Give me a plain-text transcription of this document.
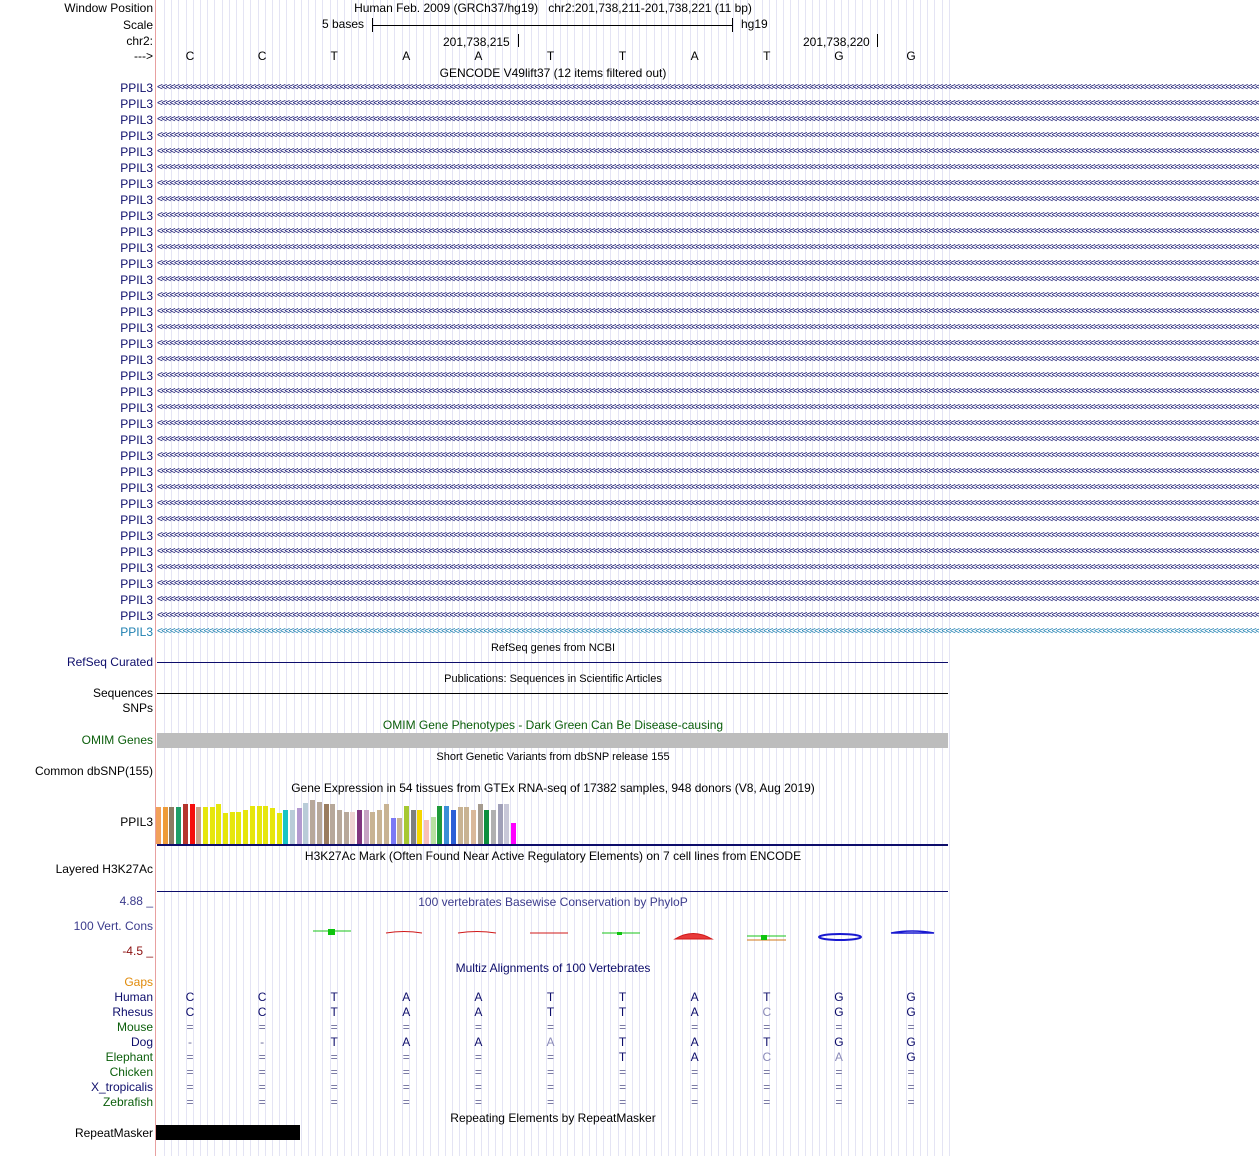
Window Position	Human Feb. 2009 (GRCh37/hg19) chr2:201,738,211-201,738,221 (11 bp)
Scale	5 bases	hg19
chr2:	201,738,215	201,738,220
--->	C	C	T	A	A	T	T	A	T	G	G
GENCODE V49lift37 (12 items filtered out)
PPIL3 <<<<<<<<<<<<<<<<<<<<<<<<<<<<<<<<<<<<<<<<<<<<<<<<<<<<<<<<<<<<<<<<<<<<<<<<<<<<<<<<<<<<<<<<<<<<<<<<<<<<<<<<<<<<<<<<<<<<<<<<<<<<<<<<<<<<<<<<<<<<<<<<<<<<<<<<<<<<<<<<<<<<<<<<<<<<<<<<<<<<<<<<<<<<<<<<<<<<<<<<<<<<<<<<<<<<<<<<<<<<<<<<<<<<<<<<<<<<<<<<<<<<<<<<<<<<<<<<<<<<
PPIL3 <<<<<<<<<<<<<<<<<<<<<<<<<<<<<<<<<<<<<<<<<<<<<<<<<<<<<<<<<<<<<<<<<<<<<<<<<<<<<<<<<<<<<<<<<<<<<<<<<<<<<<<<<<<<<<<<<<<<<<<<<<<<<<<<<<<<<<<<<<<<<<<<<<<<<<<<<<<<<<<<<<<<<<<<<<<<<<<<<<<<<<<<<<<<<<<<<<<<<<<<<<<<<<<<<<<<<<<<<<<<<<<<<<<<<<<<<<<<<<<<<<<<<<<<<<<<<<<<<<<<
PPIL3 <<<<<<<<<<<<<<<<<<<<<<<<<<<<<<<<<<<<<<<<<<<<<<<<<<<<<<<<<<<<<<<<<<<<<<<<<<<<<<<<<<<<<<<<<<<<<<<<<<<<<<<<<<<<<<<<<<<<<<<<<<<<<<<<<<<<<<<<<<<<<<<<<<<<<<<<<<<<<<<<<<<<<<<<<<<<<<<<<<<<<<<<<<<<<<<<<<<<<<<<<<<<<<<<<<<<<<<<<<<<<<<<<<<<<<<<<<<<<<<<<<<<<<<<<<<<<<<<<<<<
PPIL3 <<<<<<<<<<<<<<<<<<<<<<<<<<<<<<<<<<<<<<<<<<<<<<<<<<<<<<<<<<<<<<<<<<<<<<<<<<<<<<<<<<<<<<<<<<<<<<<<<<<<<<<<<<<<<<<<<<<<<<<<<<<<<<<<<<<<<<<<<<<<<<<<<<<<<<<<<<<<<<<<<<<<<<<<<<<<<<<<<<<<<<<<<<<<<<<<<<<<<<<<<<<<<<<<<<<<<<<<<<<<<<<<<<<<<<<<<<<<<<<<<<<<<<<<<<<<<<<<<<<<
PPIL3 <<<<<<<<<<<<<<<<<<<<<<<<<<<<<<<<<<<<<<<<<<<<<<<<<<<<<<<<<<<<<<<<<<<<<<<<<<<<<<<<<<<<<<<<<<<<<<<<<<<<<<<<<<<<<<<<<<<<<<<<<<<<<<<<<<<<<<<<<<<<<<<<<<<<<<<<<<<<<<<<<<<<<<<<<<<<<<<<<<<<<<<<<<<<<<<<<<<<<<<<<<<<<<<<<<<<<<<<<<<<<<<<<<<<<<<<<<<<<<<<<<<<<<<<<<<<<<<<<<<<
PPIL3 <<<<<<<<<<<<<<<<<<<<<<<<<<<<<<<<<<<<<<<<<<<<<<<<<<<<<<<<<<<<<<<<<<<<<<<<<<<<<<<<<<<<<<<<<<<<<<<<<<<<<<<<<<<<<<<<<<<<<<<<<<<<<<<<<<<<<<<<<<<<<<<<<<<<<<<<<<<<<<<<<<<<<<<<<<<<<<<<<<<<<<<<<<<<<<<<<<<<<<<<<<<<<<<<<<<<<<<<<<<<<<<<<<<<<<<<<<<<<<<<<<<<<<<<<<<<<<<<<<<<
PPIL3 <<<<<<<<<<<<<<<<<<<<<<<<<<<<<<<<<<<<<<<<<<<<<<<<<<<<<<<<<<<<<<<<<<<<<<<<<<<<<<<<<<<<<<<<<<<<<<<<<<<<<<<<<<<<<<<<<<<<<<<<<<<<<<<<<<<<<<<<<<<<<<<<<<<<<<<<<<<<<<<<<<<<<<<<<<<<<<<<<<<<<<<<<<<<<<<<<<<<<<<<<<<<<<<<<<<<<<<<<<<<<<<<<<<<<<<<<<<<<<<<<<<<<<<<<<<<<<<<<<<<
PPIL3 <<<<<<<<<<<<<<<<<<<<<<<<<<<<<<<<<<<<<<<<<<<<<<<<<<<<<<<<<<<<<<<<<<<<<<<<<<<<<<<<<<<<<<<<<<<<<<<<<<<<<<<<<<<<<<<<<<<<<<<<<<<<<<<<<<<<<<<<<<<<<<<<<<<<<<<<<<<<<<<<<<<<<<<<<<<<<<<<<<<<<<<<<<<<<<<<<<<<<<<<<<<<<<<<<<<<<<<<<<<<<<<<<<<<<<<<<<<<<<<<<<<<<<<<<<<<<<<<<<<<
PPIL3 <<<<<<<<<<<<<<<<<<<<<<<<<<<<<<<<<<<<<<<<<<<<<<<<<<<<<<<<<<<<<<<<<<<<<<<<<<<<<<<<<<<<<<<<<<<<<<<<<<<<<<<<<<<<<<<<<<<<<<<<<<<<<<<<<<<<<<<<<<<<<<<<<<<<<<<<<<<<<<<<<<<<<<<<<<<<<<<<<<<<<<<<<<<<<<<<<<<<<<<<<<<<<<<<<<<<<<<<<<<<<<<<<<<<<<<<<<<<<<<<<<<<<<<<<<<<<<<<<<<<
PPIL3 <<<<<<<<<<<<<<<<<<<<<<<<<<<<<<<<<<<<<<<<<<<<<<<<<<<<<<<<<<<<<<<<<<<<<<<<<<<<<<<<<<<<<<<<<<<<<<<<<<<<<<<<<<<<<<<<<<<<<<<<<<<<<<<<<<<<<<<<<<<<<<<<<<<<<<<<<<<<<<<<<<<<<<<<<<<<<<<<<<<<<<<<<<<<<<<<<<<<<<<<<<<<<<<<<<<<<<<<<<<<<<<<<<<<<<<<<<<<<<<<<<<<<<<<<<<<<<<<<<<<
PPIL3 <<<<<<<<<<<<<<<<<<<<<<<<<<<<<<<<<<<<<<<<<<<<<<<<<<<<<<<<<<<<<<<<<<<<<<<<<<<<<<<<<<<<<<<<<<<<<<<<<<<<<<<<<<<<<<<<<<<<<<<<<<<<<<<<<<<<<<<<<<<<<<<<<<<<<<<<<<<<<<<<<<<<<<<<<<<<<<<<<<<<<<<<<<<<<<<<<<<<<<<<<<<<<<<<<<<<<<<<<<<<<<<<<<<<<<<<<<<<<<<<<<<<<<<<<<<<<<<<<<<<
PPIL3 <<<<<<<<<<<<<<<<<<<<<<<<<<<<<<<<<<<<<<<<<<<<<<<<<<<<<<<<<<<<<<<<<<<<<<<<<<<<<<<<<<<<<<<<<<<<<<<<<<<<<<<<<<<<<<<<<<<<<<<<<<<<<<<<<<<<<<<<<<<<<<<<<<<<<<<<<<<<<<<<<<<<<<<<<<<<<<<<<<<<<<<<<<<<<<<<<<<<<<<<<<<<<<<<<<<<<<<<<<<<<<<<<<<<<<<<<<<<<<<<<<<<<<<<<<<<<<<<<<<<
PPIL3 <<<<<<<<<<<<<<<<<<<<<<<<<<<<<<<<<<<<<<<<<<<<<<<<<<<<<<<<<<<<<<<<<<<<<<<<<<<<<<<<<<<<<<<<<<<<<<<<<<<<<<<<<<<<<<<<<<<<<<<<<<<<<<<<<<<<<<<<<<<<<<<<<<<<<<<<<<<<<<<<<<<<<<<<<<<<<<<<<<<<<<<<<<<<<<<<<<<<<<<<<<<<<<<<<<<<<<<<<<<<<<<<<<<<<<<<<<<<<<<<<<<<<<<<<<<<<<<<<<<<
PPIL3 <<<<<<<<<<<<<<<<<<<<<<<<<<<<<<<<<<<<<<<<<<<<<<<<<<<<<<<<<<<<<<<<<<<<<<<<<<<<<<<<<<<<<<<<<<<<<<<<<<<<<<<<<<<<<<<<<<<<<<<<<<<<<<<<<<<<<<<<<<<<<<<<<<<<<<<<<<<<<<<<<<<<<<<<<<<<<<<<<<<<<<<<<<<<<<<<<<<<<<<<<<<<<<<<<<<<<<<<<<<<<<<<<<<<<<<<<<<<<<<<<<<<<<<<<<<<<<<<<<<<
PPIL3 <<<<<<<<<<<<<<<<<<<<<<<<<<<<<<<<<<<<<<<<<<<<<<<<<<<<<<<<<<<<<<<<<<<<<<<<<<<<<<<<<<<<<<<<<<<<<<<<<<<<<<<<<<<<<<<<<<<<<<<<<<<<<<<<<<<<<<<<<<<<<<<<<<<<<<<<<<<<<<<<<<<<<<<<<<<<<<<<<<<<<<<<<<<<<<<<<<<<<<<<<<<<<<<<<<<<<<<<<<<<<<<<<<<<<<<<<<<<<<<<<<<<<<<<<<<<<<<<<<<<
PPIL3 <<<<<<<<<<<<<<<<<<<<<<<<<<<<<<<<<<<<<<<<<<<<<<<<<<<<<<<<<<<<<<<<<<<<<<<<<<<<<<<<<<<<<<<<<<<<<<<<<<<<<<<<<<<<<<<<<<<<<<<<<<<<<<<<<<<<<<<<<<<<<<<<<<<<<<<<<<<<<<<<<<<<<<<<<<<<<<<<<<<<<<<<<<<<<<<<<<<<<<<<<<<<<<<<<<<<<<<<<<<<<<<<<<<<<<<<<<<<<<<<<<<<<<<<<<<<<<<<<<<<
PPIL3 <<<<<<<<<<<<<<<<<<<<<<<<<<<<<<<<<<<<<<<<<<<<<<<<<<<<<<<<<<<<<<<<<<<<<<<<<<<<<<<<<<<<<<<<<<<<<<<<<<<<<<<<<<<<<<<<<<<<<<<<<<<<<<<<<<<<<<<<<<<<<<<<<<<<<<<<<<<<<<<<<<<<<<<<<<<<<<<<<<<<<<<<<<<<<<<<<<<<<<<<<<<<<<<<<<<<<<<<<<<<<<<<<<<<<<<<<<<<<<<<<<<<<<<<<<<<<<<<<<<<
PPIL3 <<<<<<<<<<<<<<<<<<<<<<<<<<<<<<<<<<<<<<<<<<<<<<<<<<<<<<<<<<<<<<<<<<<<<<<<<<<<<<<<<<<<<<<<<<<<<<<<<<<<<<<<<<<<<<<<<<<<<<<<<<<<<<<<<<<<<<<<<<<<<<<<<<<<<<<<<<<<<<<<<<<<<<<<<<<<<<<<<<<<<<<<<<<<<<<<<<<<<<<<<<<<<<<<<<<<<<<<<<<<<<<<<<<<<<<<<<<<<<<<<<<<<<<<<<<<<<<<<<<<
PPIL3 <<<<<<<<<<<<<<<<<<<<<<<<<<<<<<<<<<<<<<<<<<<<<<<<<<<<<<<<<<<<<<<<<<<<<<<<<<<<<<<<<<<<<<<<<<<<<<<<<<<<<<<<<<<<<<<<<<<<<<<<<<<<<<<<<<<<<<<<<<<<<<<<<<<<<<<<<<<<<<<<<<<<<<<<<<<<<<<<<<<<<<<<<<<<<<<<<<<<<<<<<<<<<<<<<<<<<<<<<<<<<<<<<<<<<<<<<<<<<<<<<<<<<<<<<<<<<<<<<<<<
PPIL3 <<<<<<<<<<<<<<<<<<<<<<<<<<<<<<<<<<<<<<<<<<<<<<<<<<<<<<<<<<<<<<<<<<<<<<<<<<<<<<<<<<<<<<<<<<<<<<<<<<<<<<<<<<<<<<<<<<<<<<<<<<<<<<<<<<<<<<<<<<<<<<<<<<<<<<<<<<<<<<<<<<<<<<<<<<<<<<<<<<<<<<<<<<<<<<<<<<<<<<<<<<<<<<<<<<<<<<<<<<<<<<<<<<<<<<<<<<<<<<<<<<<<<<<<<<<<<<<<<<<<
PPIL3 <<<<<<<<<<<<<<<<<<<<<<<<<<<<<<<<<<<<<<<<<<<<<<<<<<<<<<<<<<<<<<<<<<<<<<<<<<<<<<<<<<<<<<<<<<<<<<<<<<<<<<<<<<<<<<<<<<<<<<<<<<<<<<<<<<<<<<<<<<<<<<<<<<<<<<<<<<<<<<<<<<<<<<<<<<<<<<<<<<<<<<<<<<<<<<<<<<<<<<<<<<<<<<<<<<<<<<<<<<<<<<<<<<<<<<<<<<<<<<<<<<<<<<<<<<<<<<<<<<<<
PPIL3 <<<<<<<<<<<<<<<<<<<<<<<<<<<<<<<<<<<<<<<<<<<<<<<<<<<<<<<<<<<<<<<<<<<<<<<<<<<<<<<<<<<<<<<<<<<<<<<<<<<<<<<<<<<<<<<<<<<<<<<<<<<<<<<<<<<<<<<<<<<<<<<<<<<<<<<<<<<<<<<<<<<<<<<<<<<<<<<<<<<<<<<<<<<<<<<<<<<<<<<<<<<<<<<<<<<<<<<<<<<<<<<<<<<<<<<<<<<<<<<<<<<<<<<<<<<<<<<<<<<<
PPIL3 <<<<<<<<<<<<<<<<<<<<<<<<<<<<<<<<<<<<<<<<<<<<<<<<<<<<<<<<<<<<<<<<<<<<<<<<<<<<<<<<<<<<<<<<<<<<<<<<<<<<<<<<<<<<<<<<<<<<<<<<<<<<<<<<<<<<<<<<<<<<<<<<<<<<<<<<<<<<<<<<<<<<<<<<<<<<<<<<<<<<<<<<<<<<<<<<<<<<<<<<<<<<<<<<<<<<<<<<<<<<<<<<<<<<<<<<<<<<<<<<<<<<<<<<<<<<<<<<<<<<
PPIL3 <<<<<<<<<<<<<<<<<<<<<<<<<<<<<<<<<<<<<<<<<<<<<<<<<<<<<<<<<<<<<<<<<<<<<<<<<<<<<<<<<<<<<<<<<<<<<<<<<<<<<<<<<<<<<<<<<<<<<<<<<<<<<<<<<<<<<<<<<<<<<<<<<<<<<<<<<<<<<<<<<<<<<<<<<<<<<<<<<<<<<<<<<<<<<<<<<<<<<<<<<<<<<<<<<<<<<<<<<<<<<<<<<<<<<<<<<<<<<<<<<<<<<<<<<<<<<<<<<<<<
PPIL3 <<<<<<<<<<<<<<<<<<<<<<<<<<<<<<<<<<<<<<<<<<<<<<<<<<<<<<<<<<<<<<<<<<<<<<<<<<<<<<<<<<<<<<<<<<<<<<<<<<<<<<<<<<<<<<<<<<<<<<<<<<<<<<<<<<<<<<<<<<<<<<<<<<<<<<<<<<<<<<<<<<<<<<<<<<<<<<<<<<<<<<<<<<<<<<<<<<<<<<<<<<<<<<<<<<<<<<<<<<<<<<<<<<<<<<<<<<<<<<<<<<<<<<<<<<<<<<<<<<<<
PPIL3 <<<<<<<<<<<<<<<<<<<<<<<<<<<<<<<<<<<<<<<<<<<<<<<<<<<<<<<<<<<<<<<<<<<<<<<<<<<<<<<<<<<<<<<<<<<<<<<<<<<<<<<<<<<<<<<<<<<<<<<<<<<<<<<<<<<<<<<<<<<<<<<<<<<<<<<<<<<<<<<<<<<<<<<<<<<<<<<<<<<<<<<<<<<<<<<<<<<<<<<<<<<<<<<<<<<<<<<<<<<<<<<<<<<<<<<<<<<<<<<<<<<<<<<<<<<<<<<<<<<<
PPIL3 <<<<<<<<<<<<<<<<<<<<<<<<<<<<<<<<<<<<<<<<<<<<<<<<<<<<<<<<<<<<<<<<<<<<<<<<<<<<<<<<<<<<<<<<<<<<<<<<<<<<<<<<<<<<<<<<<<<<<<<<<<<<<<<<<<<<<<<<<<<<<<<<<<<<<<<<<<<<<<<<<<<<<<<<<<<<<<<<<<<<<<<<<<<<<<<<<<<<<<<<<<<<<<<<<<<<<<<<<<<<<<<<<<<<<<<<<<<<<<<<<<<<<<<<<<<<<<<<<<<<
PPIL3 <<<<<<<<<<<<<<<<<<<<<<<<<<<<<<<<<<<<<<<<<<<<<<<<<<<<<<<<<<<<<<<<<<<<<<<<<<<<<<<<<<<<<<<<<<<<<<<<<<<<<<<<<<<<<<<<<<<<<<<<<<<<<<<<<<<<<<<<<<<<<<<<<<<<<<<<<<<<<<<<<<<<<<<<<<<<<<<<<<<<<<<<<<<<<<<<<<<<<<<<<<<<<<<<<<<<<<<<<<<<<<<<<<<<<<<<<<<<<<<<<<<<<<<<<<<<<<<<<<<<
PPIL3 <<<<<<<<<<<<<<<<<<<<<<<<<<<<<<<<<<<<<<<<<<<<<<<<<<<<<<<<<<<<<<<<<<<<<<<<<<<<<<<<<<<<<<<<<<<<<<<<<<<<<<<<<<<<<<<<<<<<<<<<<<<<<<<<<<<<<<<<<<<<<<<<<<<<<<<<<<<<<<<<<<<<<<<<<<<<<<<<<<<<<<<<<<<<<<<<<<<<<<<<<<<<<<<<<<<<<<<<<<<<<<<<<<<<<<<<<<<<<<<<<<<<<<<<<<<<<<<<<<<<
PPIL3 <<<<<<<<<<<<<<<<<<<<<<<<<<<<<<<<<<<<<<<<<<<<<<<<<<<<<<<<<<<<<<<<<<<<<<<<<<<<<<<<<<<<<<<<<<<<<<<<<<<<<<<<<<<<<<<<<<<<<<<<<<<<<<<<<<<<<<<<<<<<<<<<<<<<<<<<<<<<<<<<<<<<<<<<<<<<<<<<<<<<<<<<<<<<<<<<<<<<<<<<<<<<<<<<<<<<<<<<<<<<<<<<<<<<<<<<<<<<<<<<<<<<<<<<<<<<<<<<<<<<
PPIL3 <<<<<<<<<<<<<<<<<<<<<<<<<<<<<<<<<<<<<<<<<<<<<<<<<<<<<<<<<<<<<<<<<<<<<<<<<<<<<<<<<<<<<<<<<<<<<<<<<<<<<<<<<<<<<<<<<<<<<<<<<<<<<<<<<<<<<<<<<<<<<<<<<<<<<<<<<<<<<<<<<<<<<<<<<<<<<<<<<<<<<<<<<<<<<<<<<<<<<<<<<<<<<<<<<<<<<<<<<<<<<<<<<<<<<<<<<<<<<<<<<<<<<<<<<<<<<<<<<<<<
PPIL3 <<<<<<<<<<<<<<<<<<<<<<<<<<<<<<<<<<<<<<<<<<<<<<<<<<<<<<<<<<<<<<<<<<<<<<<<<<<<<<<<<<<<<<<<<<<<<<<<<<<<<<<<<<<<<<<<<<<<<<<<<<<<<<<<<<<<<<<<<<<<<<<<<<<<<<<<<<<<<<<<<<<<<<<<<<<<<<<<<<<<<<<<<<<<<<<<<<<<<<<<<<<<<<<<<<<<<<<<<<<<<<<<<<<<<<<<<<<<<<<<<<<<<<<<<<<<<<<<<<<<
PPIL3 <<<<<<<<<<<<<<<<<<<<<<<<<<<<<<<<<<<<<<<<<<<<<<<<<<<<<<<<<<<<<<<<<<<<<<<<<<<<<<<<<<<<<<<<<<<<<<<<<<<<<<<<<<<<<<<<<<<<<<<<<<<<<<<<<<<<<<<<<<<<<<<<<<<<<<<<<<<<<<<<<<<<<<<<<<<<<<<<<<<<<<<<<<<<<<<<<<<<<<<<<<<<<<<<<<<<<<<<<<<<<<<<<<<<<<<<<<<<<<<<<<<<<<<<<<<<<<<<<<<<
PPIL3 <<<<<<<<<<<<<<<<<<<<<<<<<<<<<<<<<<<<<<<<<<<<<<<<<<<<<<<<<<<<<<<<<<<<<<<<<<<<<<<<<<<<<<<<<<<<<<<<<<<<<<<<<<<<<<<<<<<<<<<<<<<<<<<<<<<<<<<<<<<<<<<<<<<<<<<<<<<<<<<<<<<<<<<<<<<<<<<<<<<<<<<<<<<<<<<<<<<<<<<<<<<<<<<<<<<<<<<<<<<<<<<<<<<<<<<<<<<<<<<<<<<<<<<<<<<<<<<<<<<<
PPIL3 <<<<<<<<<<<<<<<<<<<<<<<<<<<<<<<<<<<<<<<<<<<<<<<<<<<<<<<<<<<<<<<<<<<<<<<<<<<<<<<<<<<<<<<<<<<<<<<<<<<<<<<<<<<<<<<<<<<<<<<<<<<<<<<<<<<<<<<<<<<<<<<<<<<<<<<<<<<<<<<<<<<<<<<<<<<<<<<<<<<<<<<<<<<<<<<<<<<<<<<<<<<<<<<<<<<<<<<<<<<<<<<<<<<<<<<<<<<<<<<<<<<<<<<<<<<<<<<<<<<<
RefSeq genes from NCBI
RefSeq Curated
Publications: Sequences in Scientific Articles
Sequences
SNPs
OMIM Gene Phenotypes - Dark Green Can Be Disease-causing
OMIM Genes
Short Genetic Variants from dbSNP release 155
Common dbSNP(155)
Gene Expression in 54 tissues from GTEx RNA-seq of 17382 samples, 948 donors (V8, Aug 2019)
PPIL3
H3K27Ac Mark (Often Found Near Active Regulatory Elements) on 7 cell lines from ENCODE
Layered H3K27Ac
100 vertebrates Basewise Conservation by PhyloP
4.88 _
100 Vert. Cons
-4.5 _
Multiz Alignments of 100 Vertebrates
Gaps
Human	C	C	T	A	A	T	T	A	T	G	G
Rhesus	C	C	T	A	A	T	T	A	C	G	G
Mouse	=	=	=	=	=	=	=	=	=	=	=
Dog	-	-	T	A	A	A	T	A	T	G	G
Elephant	=	=	=	=	=	=	T	A	C	A	G
Chicken	=	=	=	=	=	=	=	=	=	=	=
X_tropicalis	=	=	=	=	=	=	=	=	=	=	=
Zebrafish	=	=	=	=	=	=	=	=	=	=	=
Repeating Elements by RepeatMasker
RepeatMasker
